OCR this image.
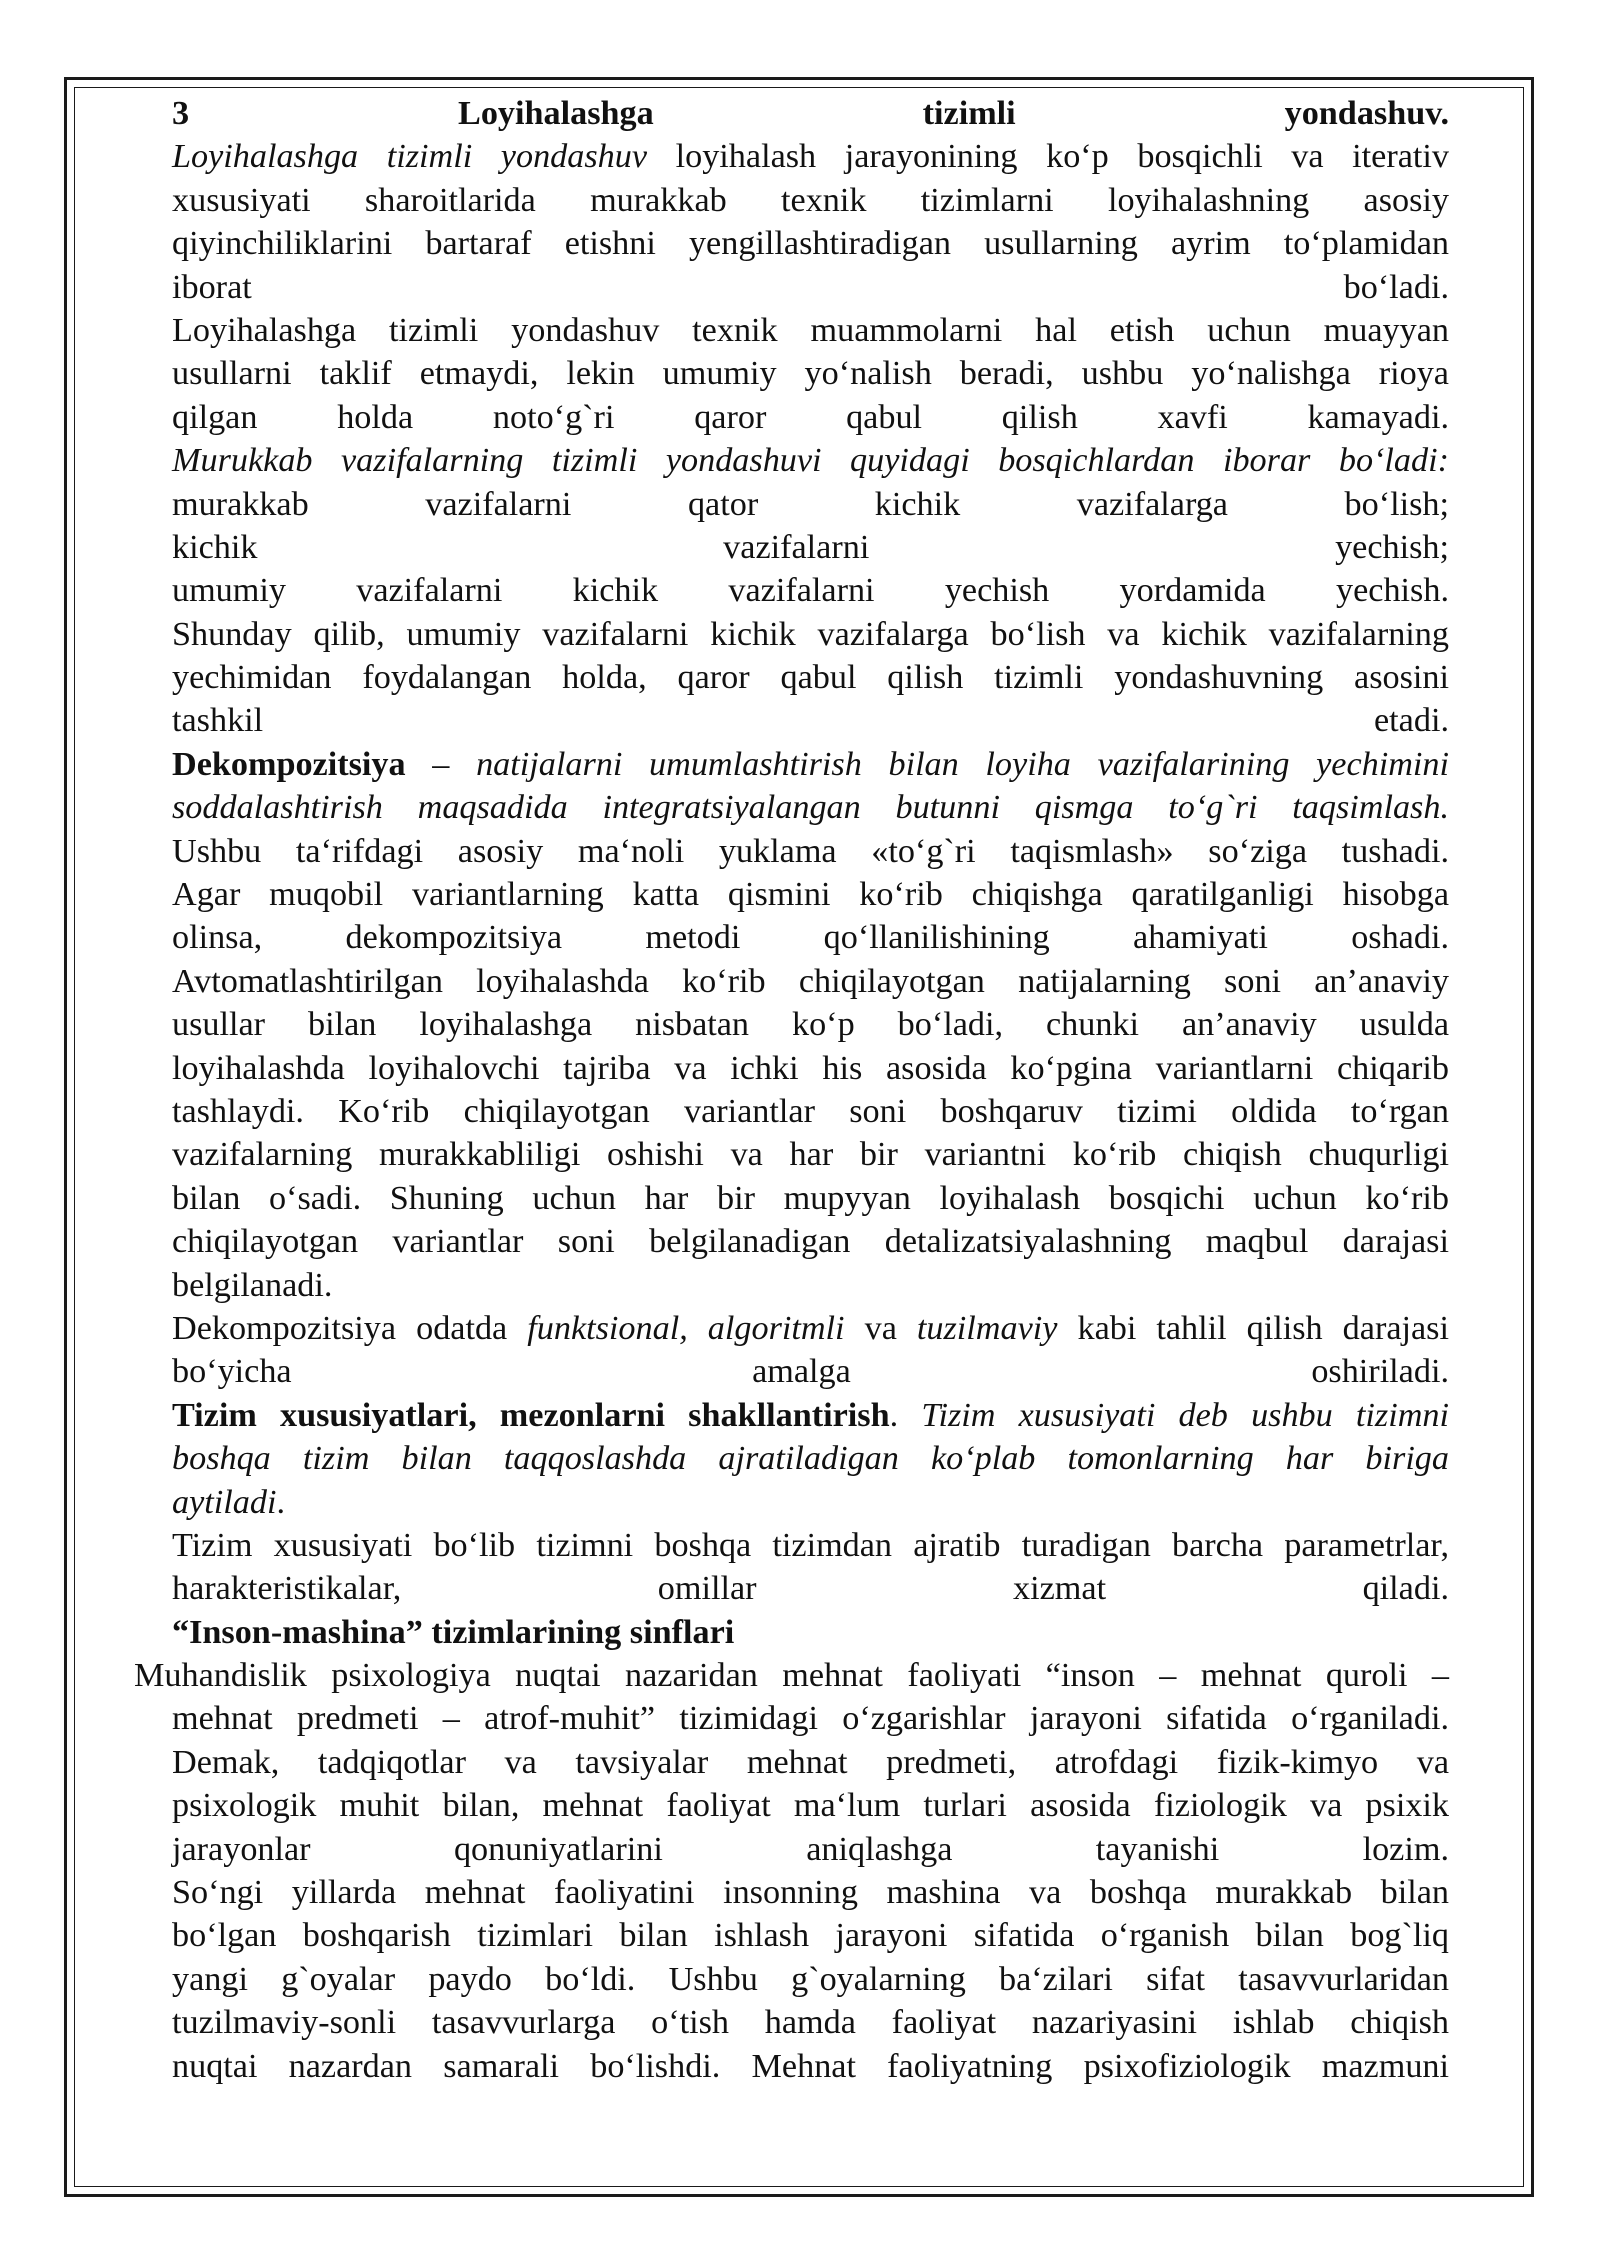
3	Loyihalashga tizimli yondashuv.
Loyihalashga tizimli yondashuv loyihalash jarayonining ko‘p bosqichli va iterativ
xususiyati sharoitlarida murakkab texnik tizimlarni loyihalashning asosiy
qiyinchiliklarini bartaraf etishni yengillashtiradigan usullarning ayrim to‘plamidan
iborat bo‘ladi.
Loyihalashga tizimli yondashuv texnik muammolarni hal etish uchun muayyan
usullarni taklif etmaydi, lekin umumiy yo‘nalish beradi, ushbu yo‘nalishga rioya
qilgan holda noto‘g`ri qaror qabul qilish xavfi kamayadi.
Murukkab vazifalarning tizimli yondashuvi quyidagi bosqichlardan iborar bo‘ladi:
murakkab vazifalarni qator kichik vazifalarga bo‘lish;
kichik vazifalarni yechish;
umumiy vazifalarni kichik vazifalarni yechish yordamida yechish.
Shunday qilib, umumiy vazifalarni kichik vazifalarga bo‘lish va kichik vazifalarning
yechimidan foydalangan holda, qaror qabul qilish tizimli yondashuvning asosini
tashkil etadi.
Dekompozitsiya – natijalarni umumlashtirish bilan loyiha vazifalarining yechimini
soddalashtirish maqsadida integratsiyalangan butunni qismga to‘g`ri taqsimlash.
Ushbu ta‘rifdagi asosiy ma‘noli yuklama «to‘g`ri taqismlash» so‘ziga tushadi.
Agar muqobil variantlarning katta qismini ko‘rib chiqishga qaratilganligi hisobga
olinsa, dekompozitsiya metodi qo‘llanilishining ahamiyati oshadi.
Avtomatlashtirilgan loyihalashda ko‘rib chiqilayotgan natijalarning soni an’anaviy
usullar bilan loyihalashga nisbatan ko‘p bo‘ladi, chunki an’anaviy usulda
loyihalashda loyihalovchi tajriba va ichki his asosida ko‘pgina variantlarni chiqarib
tashlaydi. Ko‘rib chiqilayotgan variantlar soni boshqaruv tizimi oldida to‘rgan
vazifalarning murakkabliligi oshishi va har bir variantni ko‘rib chiqish chuqurligi
bilan o‘sadi. Shuning uchun har bir mupyyan loyihalash bosqichi uchun ko‘rib
chiqilayotgan variantlar soni belgilanadigan detalizatsiyalashning maqbul darajasi
belgilanadi.
Dekompozitsiya odatda funktsional, algoritmli va tuzilmaviy kabi tahlil qilish darajasi
bo‘yicha amalga oshiriladi.
Tizim xususiyatlari, mezonlarni shakllantirish. Tizim xususiyati deb ushbu tizimni
boshqa tizim bilan taqqoslashda ajratiladigan ko‘plab tomonlarning har biriga
aytiladi.
Tizim xususiyati bo‘lib tizimni boshqa tizimdan ajratib turadigan barcha parametrlar,
harakteristikalar, omillar xizmat qiladi.
“Inson-mashina” tizimlarining sinflari
Muhandislik psixologiya nuqtai nazaridan mehnat faoliyati “inson – mehnat quroli –
mehnat predmeti – atrof-muhit” tizimidagi o‘zgarishlar jarayoni sifatida o‘rganiladi.
Demak, tadqiqotlar va tavsiyalar mehnat predmeti, atrofdagi fizik-kimyo va
psixologik muhit bilan, mehnat faoliyat ma‘lum turlari asosida fiziologik va psixik
jarayonlar qonuniyatlarini aniqlashga tayanishi lozim.
So‘ngi yillarda mehnat faoliyatini insonning mashina va boshqa murakkab bilan
bo‘lgan boshqarish tizimlari bilan ishlash jarayoni sifatida o‘rganish bilan bog`liq
yangi g`oyalar paydo bo‘ldi. Ushbu g`oyalarning ba‘zilari sifat tasavvurlaridan
tuzilmaviy-sonli tasavvurlarga o‘tish hamda faoliyat nazariyasini ishlab chiqish
nuqtai nazardan samarali bo‘lishdi. Mehnat faoliyatning psixofiziologik mazmuni
